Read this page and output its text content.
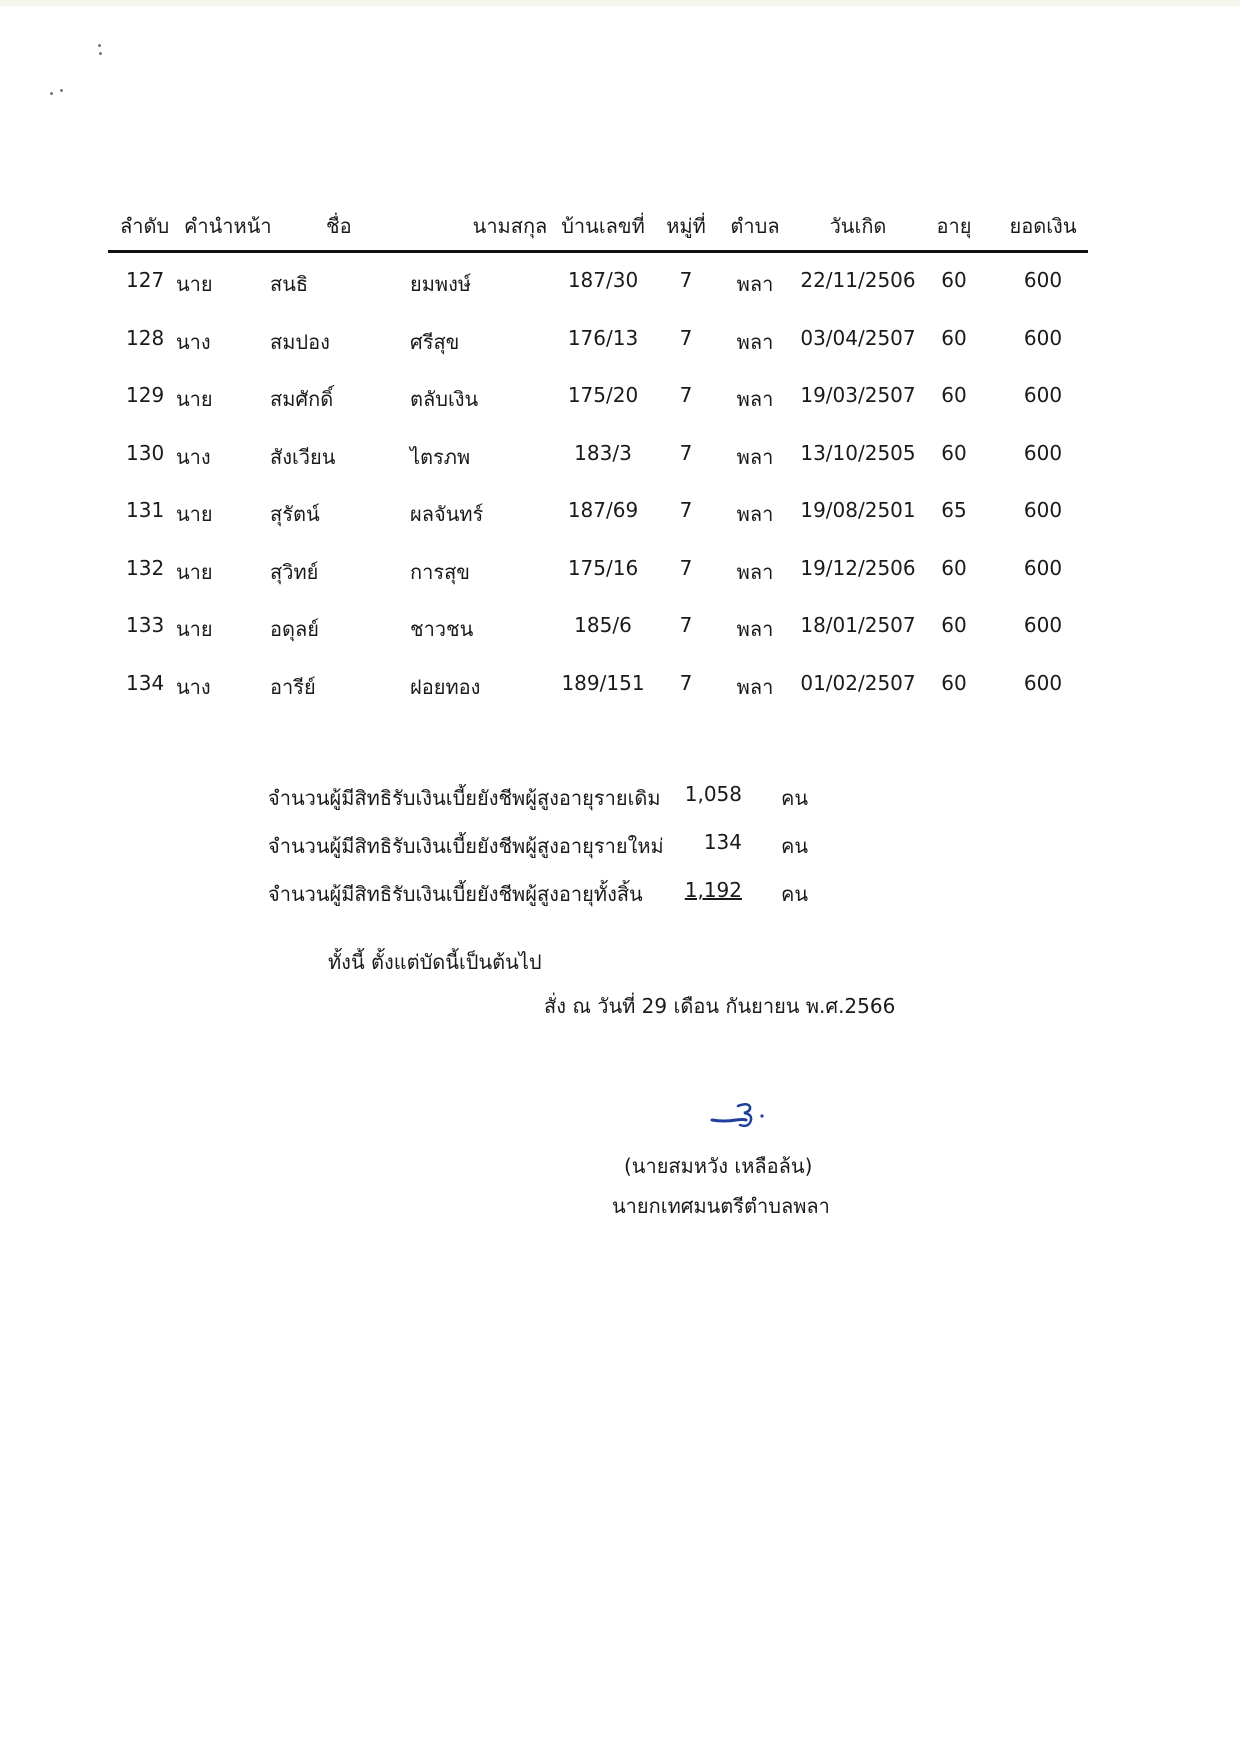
ลำดับ คำนำหน้า	ชื่อ	นามสกุล บ้านเลขที่ หมู่ที่	ตำบล	วันเกิด	อายุ	ยอดเงิน
127 นาย	สนธิ	ยมพงษ์	187/30	7	พลา	22/11/2506	60	600
128 นาง	สมปอง	ศรีสุข	176/13	7	พลา	03/04/2507	60	600
129 นาย	สมศักดิ์	ตลับเงิน	175/20	7	พลา	19/03/2507	60	600
130 นาง	สังเวียน	ไตรภพ	183/3	7	พลา	13/10/2505	60	600
131 นาย	สุรัตน์	ผลจันทร์	187/69	7	พลา	19/08/2501	65	600
132 นาย	สุวิทย์	การสุข	175/16	7	พลา	19/12/2506	60	600
133 นาย	อดุลย์	ชาวชน	185/6	7	พลา	18/01/2507	60	600
134 นาง	อารีย์	ฝอยทอง	189/151	7	พลา	01/02/2507	60	600
จำนวนผู้มีสิทธิรับเงินเบี้ยยังชีพผู้สูงอายุรายเดิม 1,058 คน
จำนวนผู้มีสิทธิรับเงินเบี้ยยังชีพผู้สูงอายุรายใหม่ 134 คน
จำนวนผู้มีสิทธิรับเงินเบี้ยยังชีพผู้สูงอายุทั้งสิ้น 1,192 คน
ทั้งนี้ ตั้งแต่บัดนี้เป็นต้นไป
สั่ง ณ วันที่ 29 เดือน กันยายน พ.ศ.2566
(นายสมหวัง เหลือล้น)
นายกเทศมนตรีตำบลพลา
